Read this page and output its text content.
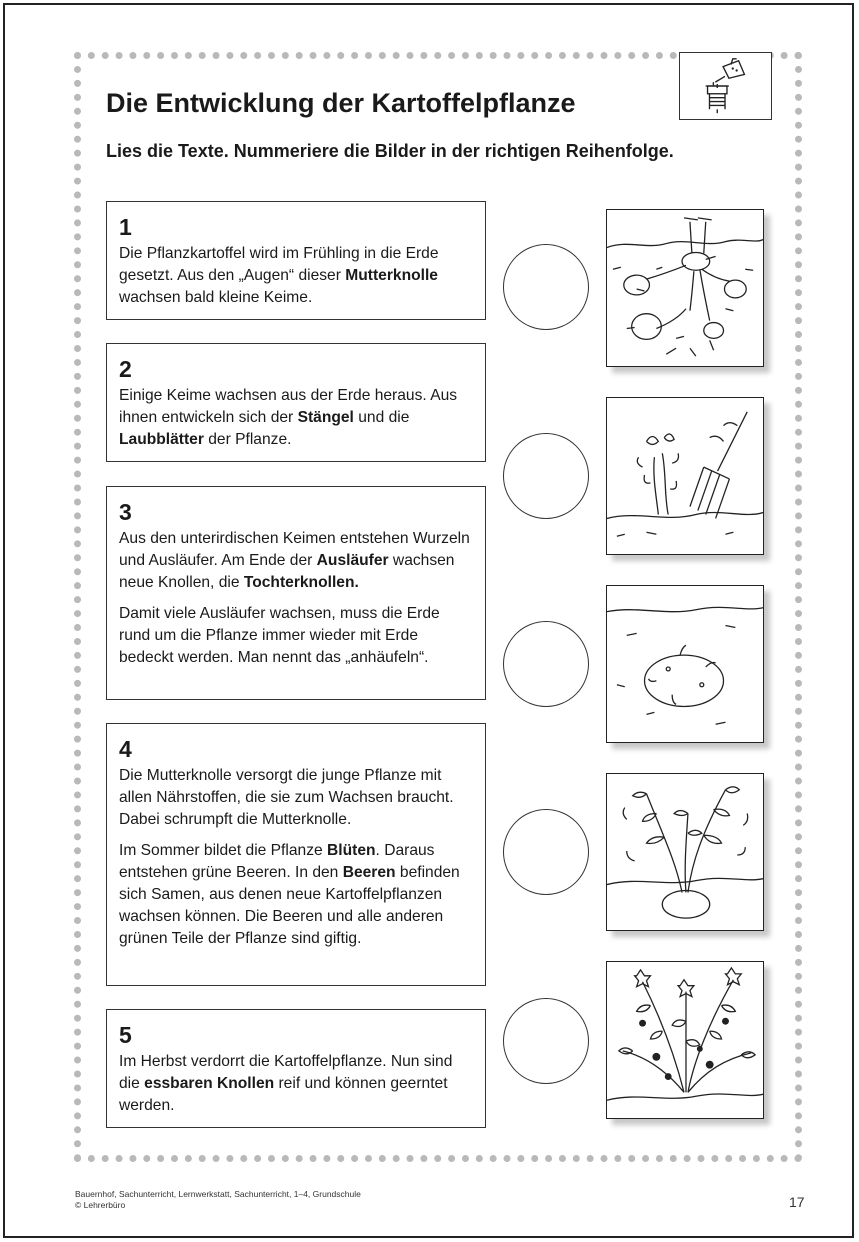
Die Entwicklung der Kartoffelpflanze

Lies die Texte. Nummeriere die Bilder in der richtigen Reihenfolge.

1

Die Pflanzkartoffel wird im Frühling in die Erde gesetzt. Aus den „Augen“ dieser Mutterknolle wachsen bald kleine Keime.

2

Einige Keime wachsen aus der Erde heraus. Aus ihnen entwickeln sich der Stängel und die Laubblätter der Pflanze.

3

Aus den unterirdischen Keimen entstehen Wurzeln und Ausläufer. Am Ende der Ausläufer wachsen neue Knollen, die Tochterknollen.

Damit viele Ausläufer wachsen, muss die Erde rund um die Pflanze immer wieder mit Erde bedeckt werden. Man nennt das „anhäufeln“.

4

Die Mutterknolle versorgt die junge Pflanze mit allen Nährstoffen, die sie zum Wachsen braucht. Dabei schrumpft die Mutterknolle.

Im Sommer bildet die Pflanze Blüten. Daraus entstehen grüne Beeren. In den Beeren befinden sich Samen, aus denen neue Kartoffelpflanzen wachsen können. Die Beeren und alle anderen grünen Teile der Pflanze sind giftig.

5

Im Herbst verdorrt die Kartoffelpflanze. Nun sind die essbaren Knollen reif und können geerntet werden.

Bauernhof, Sachunterricht, Lernwerkstatt, Sachunterricht, 1–4, Grundschule
© Lehrerbüro	17
